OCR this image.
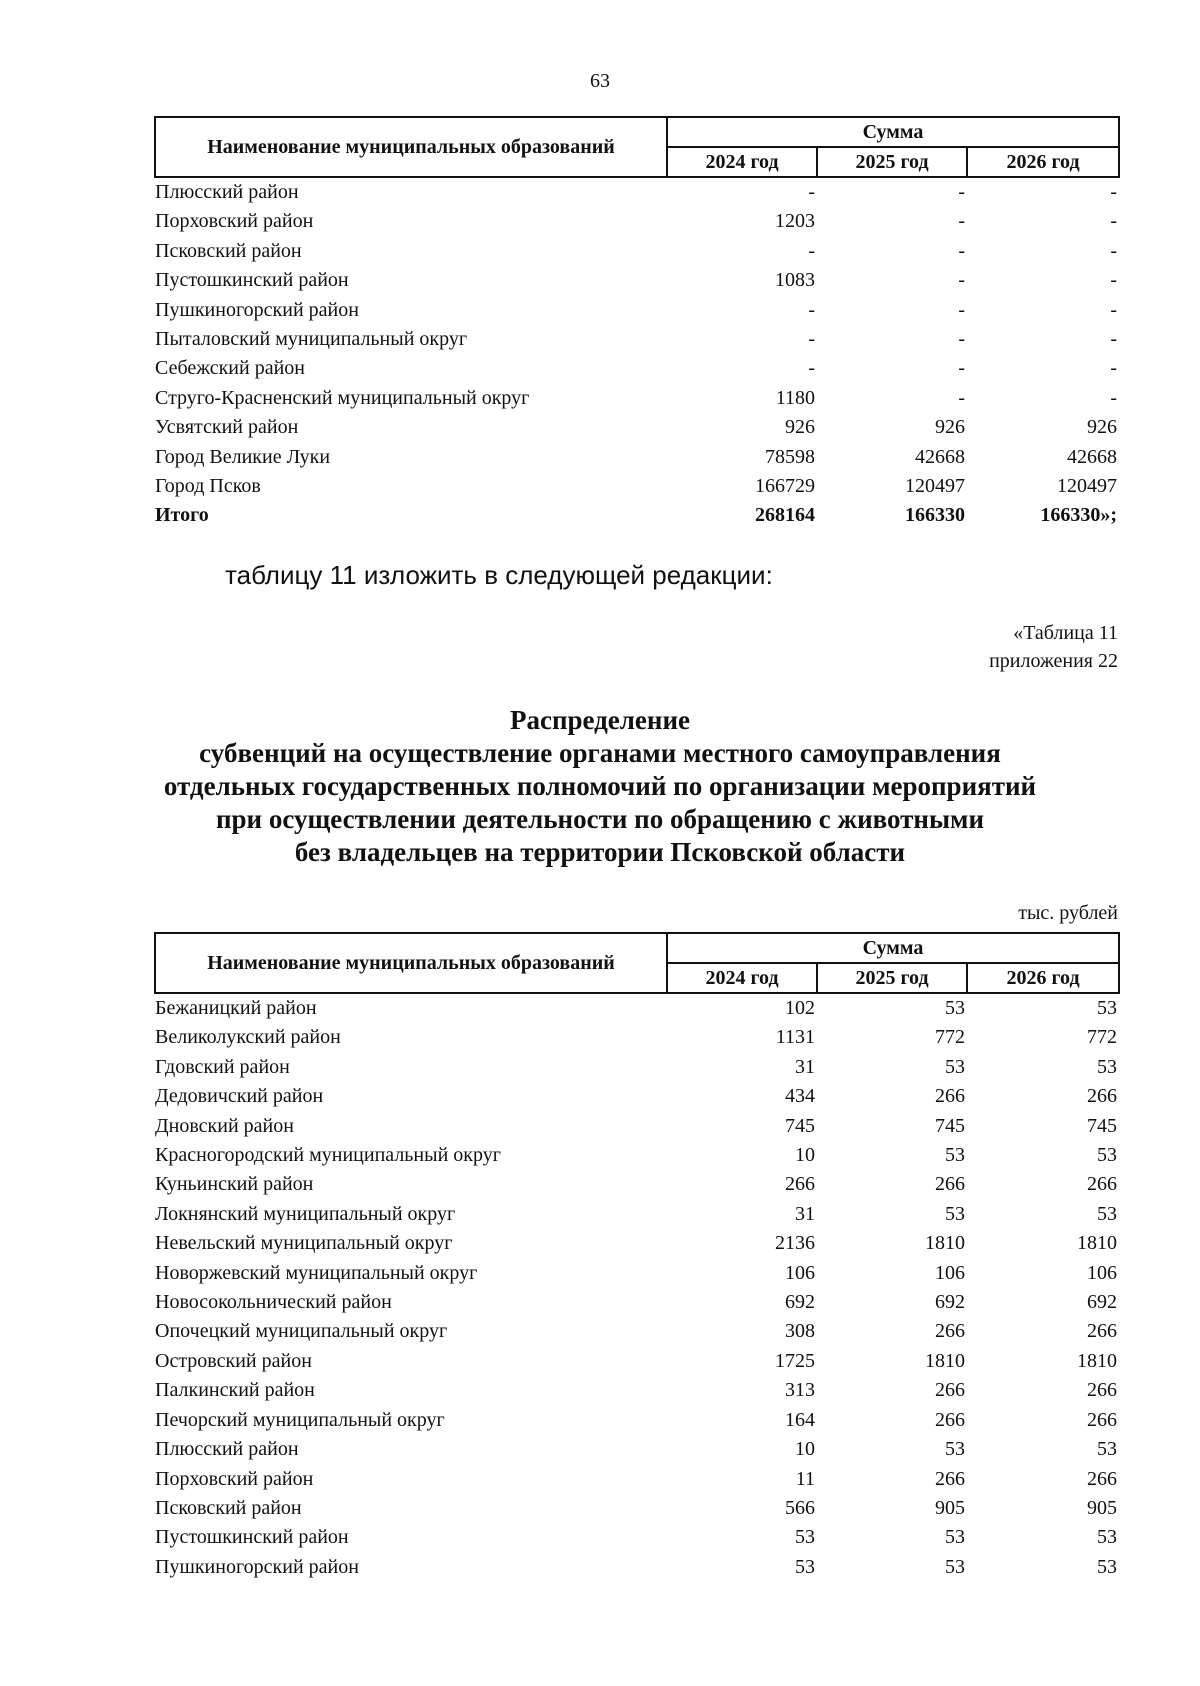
63
Наименование муниципальных образований	Сумма		
	2024 год	2025 год	2026 год
Плюсский район	-	-	-
Порховский район	1203	-	-
Псковский район	-	-	-
Пустошкинский район	1083	-	-
Пушкиногорский район	-	-	-
Пыталовский муниципальный округ	-	-	-
Себежский район	-	-	-
Струго-Красненский муниципальный округ	1180	-	-
Усвятский район	926	926	926
Город Великие Луки	78598	42668	42668
Город Псков	166729	120497	120497
Итого	268164	166330	166330»;
таблицу 11 изложить в следующей редакции:
«Таблица 11
приложения 22
Распределение
субвенций на осуществление органами местного самоуправления
отдельных государственных полномочий по организации мероприятий
при осуществлении деятельности по обращению с животными
без владельцев на территории Псковской области
тыс. рублей
Наименование муниципальных образований	Сумма		
	2024 год	2025 год	2026 год
Бежаницкий район	102	53	53
Великолукский район	1131	772	772
Гдовский район	31	53	53
Дедовичский район	434	266	266
Дновский район	745	745	745
Красногородский муниципальный округ	10	53	53
Куньинский район	266	266	266
Локнянский муниципальный округ	31	53	53
Невельский муниципальный округ	2136	1810	1810
Новоржевский муниципальный округ	106	106	106
Новосокольнический район	692	692	692
Опочецкий муниципальный округ	308	266	266
Островский район	1725	1810	1810
Палкинский район	313	266	266
Печорский муниципальный округ	164	266	266
Плюсский район	10	53	53
Порховский район	11	266	266
Псковский район	566	905	905
Пустошкинский район	53	53	53
Пушкиногорский район	53	53	53
